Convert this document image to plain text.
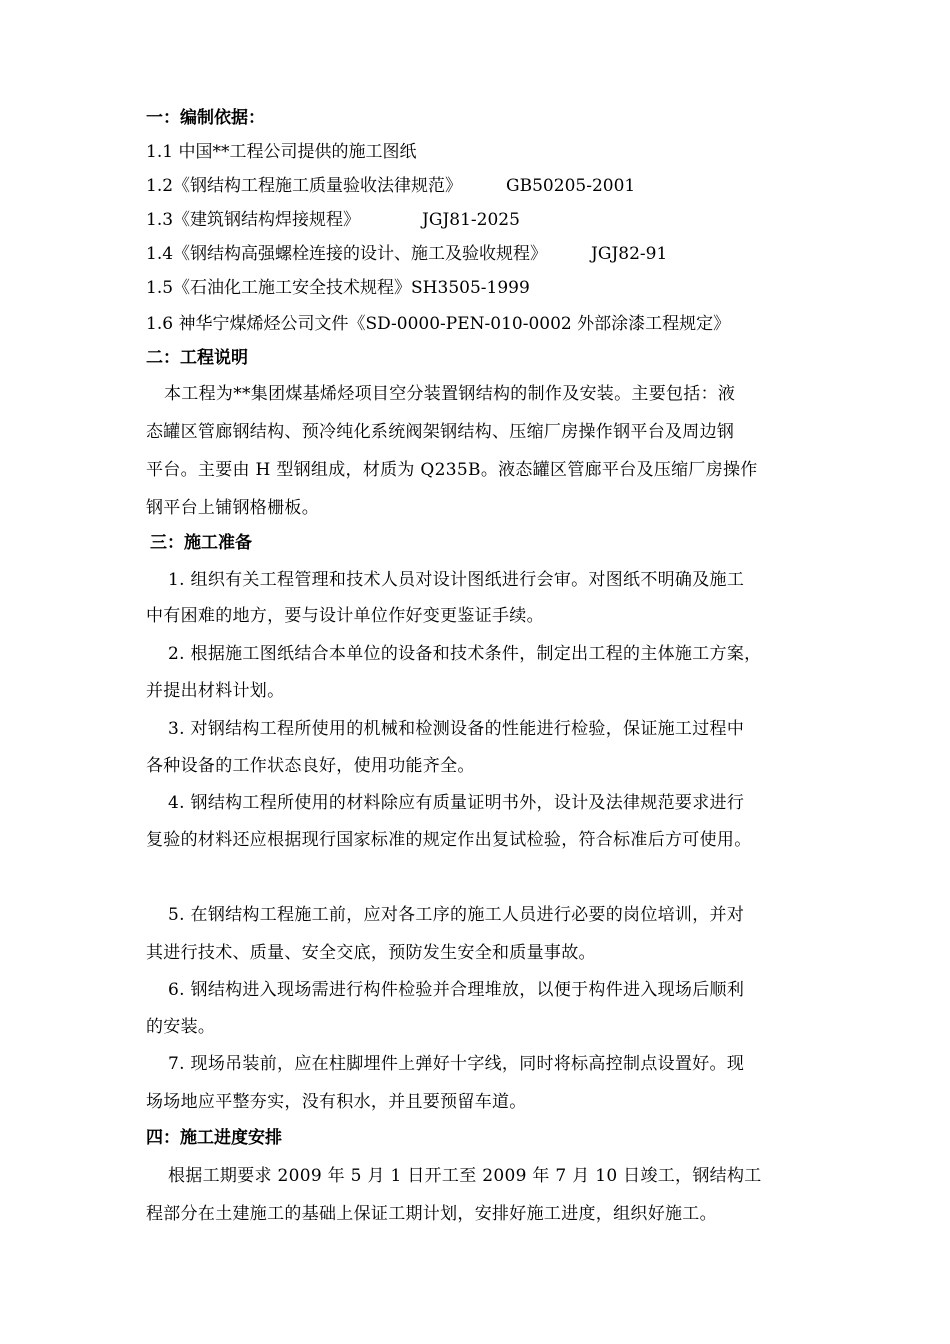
一：编制依据：
1.1 中国**工程公司提供的施工图纸
1.2《钢结构工程施工质量验收法律规范》	GB50205-2001
1.3《建筑钢结构焊接规程》	JGJ81-2025
1.4《钢结构高强螺栓连接的设计、施工及验收规程》	JGJ82-91
1.5《石油化工施工安全技术规程》SH3505-1999
1.6 神华宁煤烯烃公司文件《SD-0000-PEN-010-0002 外部涂漆工程规定》
二：工程说明
本工程为**集团煤基烯烃项目空分装置钢结构的制作及安装。主要包括：液
态罐区管廊钢结构、预冷纯化系统阀架钢结构、压缩厂房操作钢平台及周边钢
平台。主要由 H 型钢组成，材质为 Q235B。液态罐区管廊平台及压缩厂房操作
钢平台上铺钢格栅板。
三：施工准备
1. 组织有关工程管理和技术人员对设计图纸进行会审。对图纸不明确及施工
中有困难的地方，要与设计单位作好变更鉴证手续。
2. 根据施工图纸结合本单位的设备和技术条件，制定出工程的主体施工方案，
并提出材料计划。
3. 对钢结构工程所使用的机械和检测设备的性能进行检验，保证施工过程中
各种设备的工作状态良好，使用功能齐全。
4. 钢结构工程所使用的材料除应有质量证明书外，设计及法律规范要求进行
复验的材料还应根据现行国家标准的规定作出复试检验，符合标准后方可使用。
5. 在钢结构工程施工前，应对各工序的施工人员进行必要的岗位培训，并对
其进行技术、质量、安全交底，预防发生安全和质量事故。
6. 钢结构进入现场需进行构件检验并合理堆放，以便于构件进入现场后顺利
的安装。
7. 现场吊装前，应在柱脚埋件上弹好十字线，同时将标高控制点设置好。现
场场地应平整夯实，没有积水，并且要预留车道。
四：施工进度安排
根据工期要求 2009 年 5 月 1 日开工至 2009 年 7 月 10 日竣工，钢结构工
程部分在土建施工的基础上保证工期计划，安排好施工进度，组织好施工。
